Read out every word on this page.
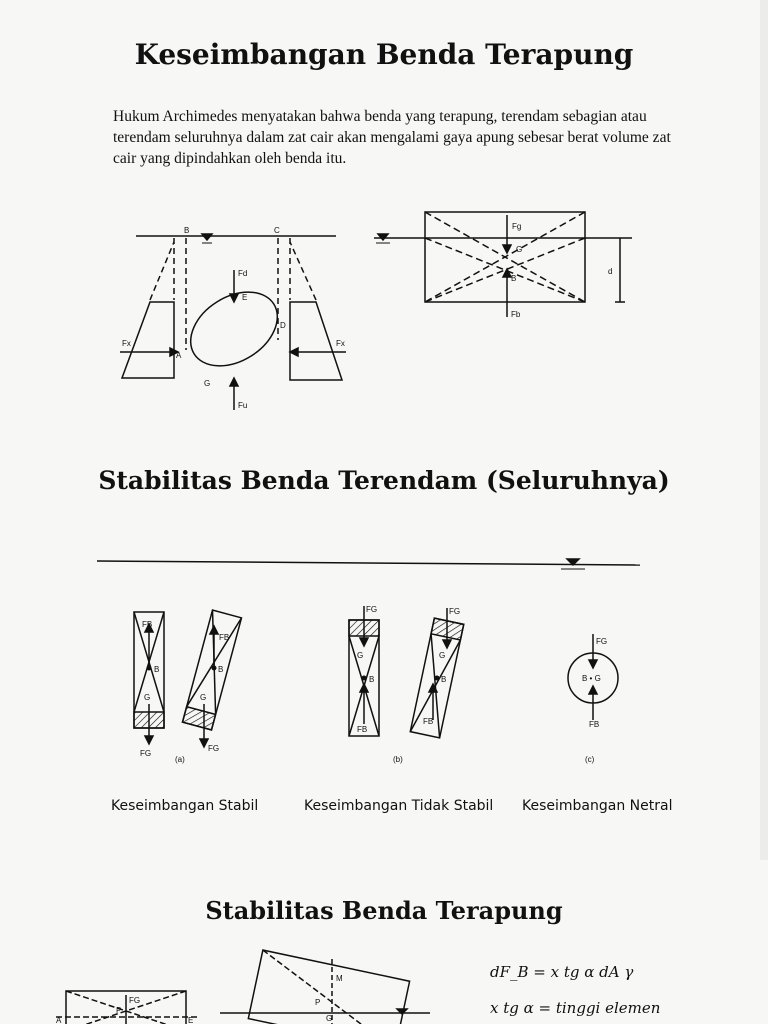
Keseimbangan Benda Terapung

Hukum Archimedes menyatakan bahwa benda yang terapung, terendam sebagian atau terendam seluruhnya dalam zat cair akan mengalami gaya apung sebesar berat volume zat cair yang dipindahkan oleh benda itu.

B	C
Fd
E
D
A
Fx	Fx
G
Fu
Fg
G
B
d
Fb
Stabilitas Benda Terendam (Seluruhnya)
FB
B
G
FG
FB
B
G
FG
(a)
FG
G
B
FB
FG
G
B
FB
(b)
FG
B • G
FB
(c)
Keseimbangan Stabil	Keseimbangan Tidak Stabil Keseimbangan Netral
Stabilitas Benda Terapung
FG
P
A	E
M
P
G
dF_B = x tg α dA γ
x tg α = tinggi elemen
